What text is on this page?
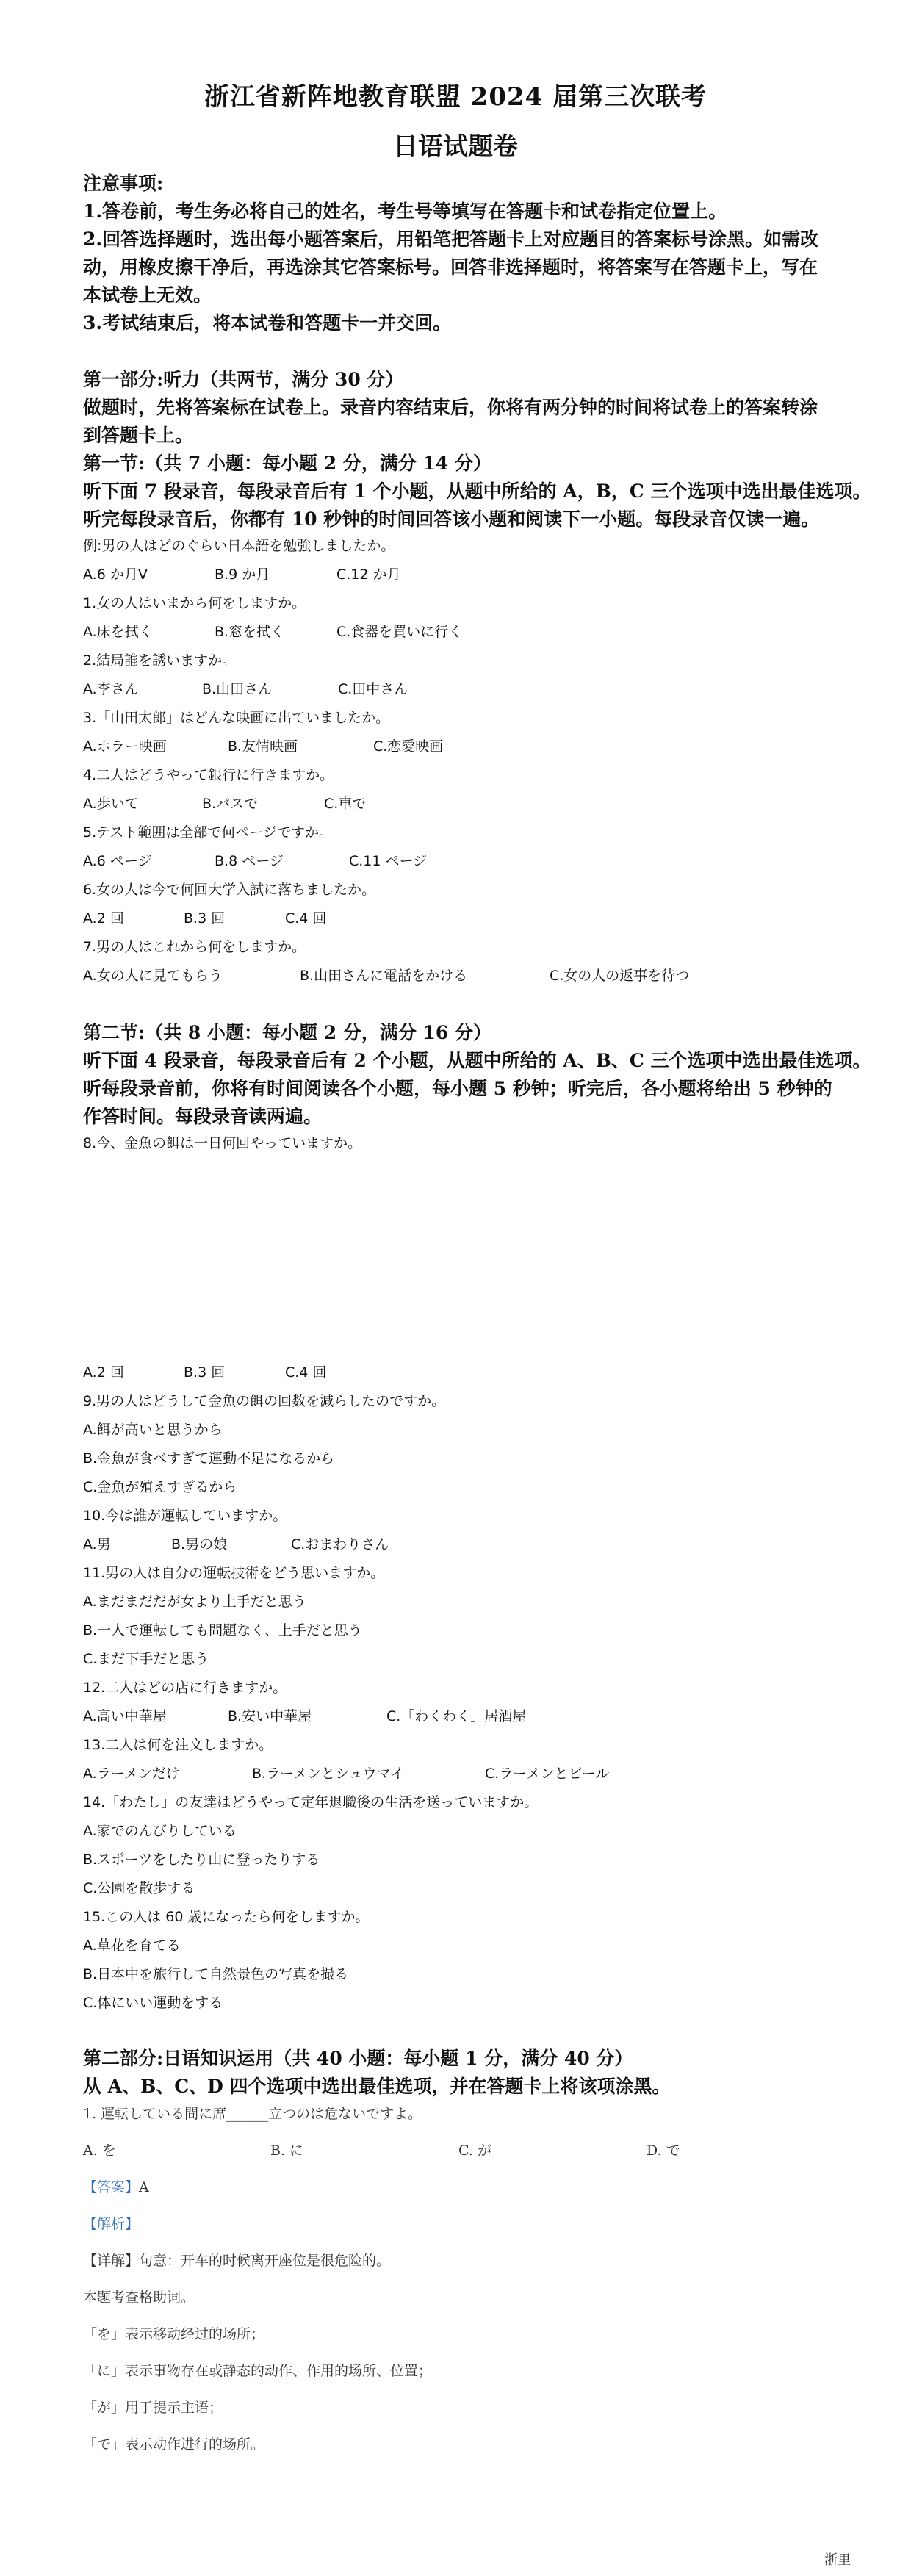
浙江省新阵地教育联盟 2024 届第三次联考
日语试题卷
注意事项:
1.答卷前，考生务必将自己的姓名，考生号等填写在答题卡和试卷指定位置上。
2.回答选择题时，选出每小题答案后，用铅笔把答题卡上对应题目的答案标号涂黑。如需改
动，用橡皮擦干净后，再选涂其它答案标号。回答非选择题时，将答案写在答题卡上，写在
本试卷上无效。
3.考试结束后，将本试卷和答题卡一并交回。
第一部分:听力（共两节，满分 30 分）
做题时，先将答案标在试卷上。录音内容结束后，你将有两分钟的时间将试卷上的答案转涂
到答题卡上。
第一节:（共 7 小题：每小题 2 分，满分 14 分）
听下面 7 段录音，每段录音后有 1 个小题，从题中所给的 A，B，C 三个选项中选出最佳选项。
听完每段录音后，你都有 10 秒钟的时间回答该小题和阅读下一小题。每段录音仅读一遍。
例:男の人はどのぐらい日本語を勉強しましたか。
A.6 か月Ⅴ	B.9 か月	C.12 か月
1.女の人はいまから何をしますか。
A.床を拭く	B.窓を拭く	C.食器を買いに行く
2.結局誰を誘いますか。
A.李さん	B.山田さん	C.田中さん
3.「山田太郎」はどんな映画に出ていましたか。
A.ホラー映画	B.友情映画	C.恋愛映画
4.二人はどうやって銀行に行きますか。
A.歩いて	B.バスで	C.車で
5.テスト範囲は全部で何ページですか。
A.6 ページ	B.8 ページ	C.11 ページ
6.女の人は今で何回大学入試に落ちましたか。
A.2 回	B.3 回	C.4 回
7.男の人はこれから何をしますか。
A.女の人に見てもらう	B.山田さんに電話をかける	C.女の人の返事を待つ
第二节:（共 8 小题：每小题 2 分，满分 16 分）
听下面 4 段录音，每段录音后有 2 个小题，从题中所给的 A、B、C 三个选项中选出最佳选项。
听每段录音前，你将有时间阅读各个小题，每小题 5 秒钟；听完后，各小题将给出 5 秒钟的
作答时间。每段录音读两遍。
8.今、金魚の餌は一日何回やっていますか。
A.2 回	B.3 回	C.4 回
9.男の人はどうして金魚の餌の回数を減らしたのですか。
A.餌が高いと思うから
B.金魚が食べすぎて運動不足になるから
C.金魚が殖えすぎるから
10.今は誰が運転していますか。
A.男	B.男の娘	C.おまわりさん
11.男の人は自分の運転技術をどう思いますか。
A.まだまだだが女より上手だと思う
B.一人で運転しても問題なく、上手だと思う
C.まだ下手だと思う
12.二人はどの店に行きますか。
A.高い中華屋	B.安い中華屋	C.「わくわく」居酒屋
13.二人は何を注文しますか。
A.ラーメンだけ	B.ラーメンとシュウマイ	C.ラーメンとビール
14.「わたし」の友達はどうやって定年退職後の生活を送っていますか。
A.家でのんびりしている
B.スポーツをしたり山に登ったりする
C.公園を散歩する
15.この人は 60 歳になったら何をしますか。
A.草花を育てる
B.日本中を旅行して自然景色の写真を撮る
C.体にいい運動をする
第二部分:日语知识运用（共 40 小题：每小题 1 分，满分 40 分）
从 A、B、C、D 四个选项中选出最佳选项，并在答题卡上将该项涂黑。
1. 運転している間に席______立つのは危ないですよ。
A. を	B. に	C. が	D. で
【答案】A
【解析】
【详解】句意：开车的时候离开座位是很危险的。
本题考查格助词。
「を」表示移动经过的场所；
「に」表示事物存在或静态的动作、作用的场所、位置；
「が」用于提示主语；
「で」表示动作进行的场所。
浙里
